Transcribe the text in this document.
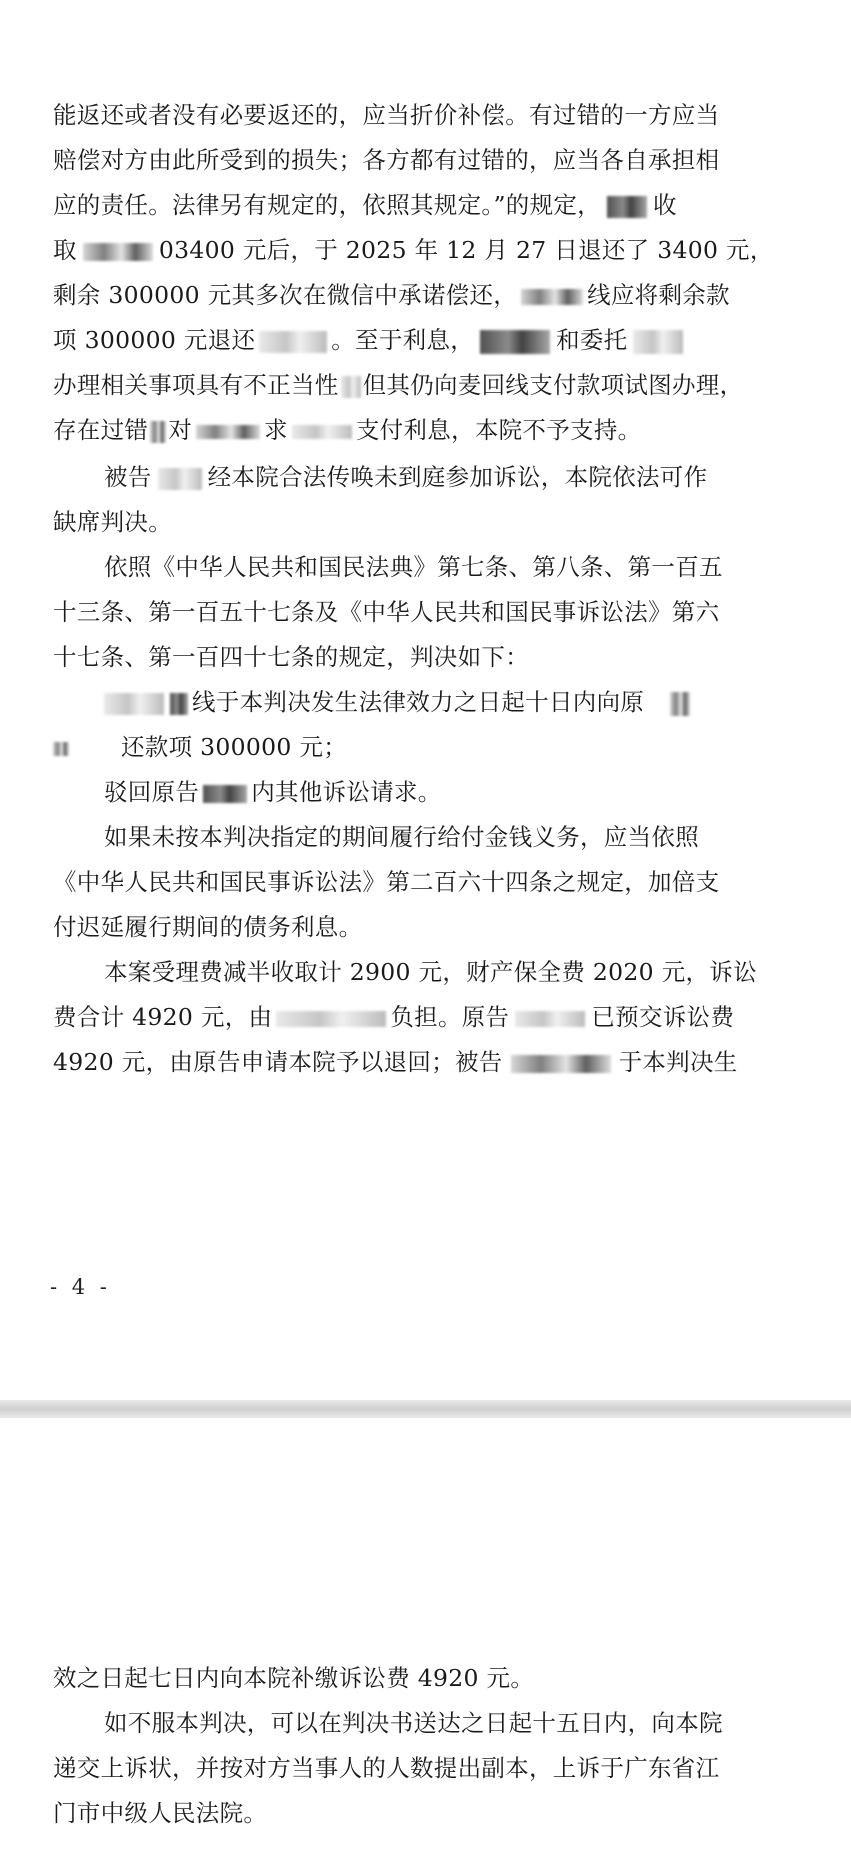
能返还或者没有必要返还的，应当折价补偿。有过错的一方应当
赔偿对方由此所受到的损失；各方都有过错的，应当各自承担相
应的责任。法律另有规定的，依照其规定。”的规定， 收
取	03400 元后，于 2025 年 12 月 27 日退还了 3400 元，
剩余 300000 元其多次在微信中承诺偿还，	线应将剩余款
项 300000 元退还	。至于利息，	和委托
办理相关事项具有不正当性 但其仍向麦回线支付款项试图办理，
存在过错 对	求	支付利息，本院不予支持。
被告 经本院合法传唤未到庭参加诉讼，本院依法可作
缺席判决。
依照《中华人民共和国民法典》第七条、第八条、第一百五
十三条、第一百五十七条及《中华人民共和国民事诉讼法》第六
十七条、第一百四十七条的规定，判决如下：
线于本判决发生法律效力之日起十日内向原
还款项 300000 元；
驳回原告 内其他诉讼请求。
如果未按本判决指定的期间履行给付金钱义务，应当依照
《中华人民共和国民事诉讼法》第二百六十四条之规定，加倍支
付迟延履行期间的债务利息。
本案受理费减半收取计 2900 元，财产保全费 2020 元，诉讼
费合计 4920 元，由	负担。原告	已预交诉讼费
4920 元，由原告申请本院予以退回；被告	于本判决生
- 4 -
效之日起七日内向本院补缴诉讼费 4920 元。
如不服本判决，可以在判决书送达之日起十五日内，向本院
递交上诉状，并按对方当事人的人数提出副本，上诉于广东省江
门市中级人民法院。
